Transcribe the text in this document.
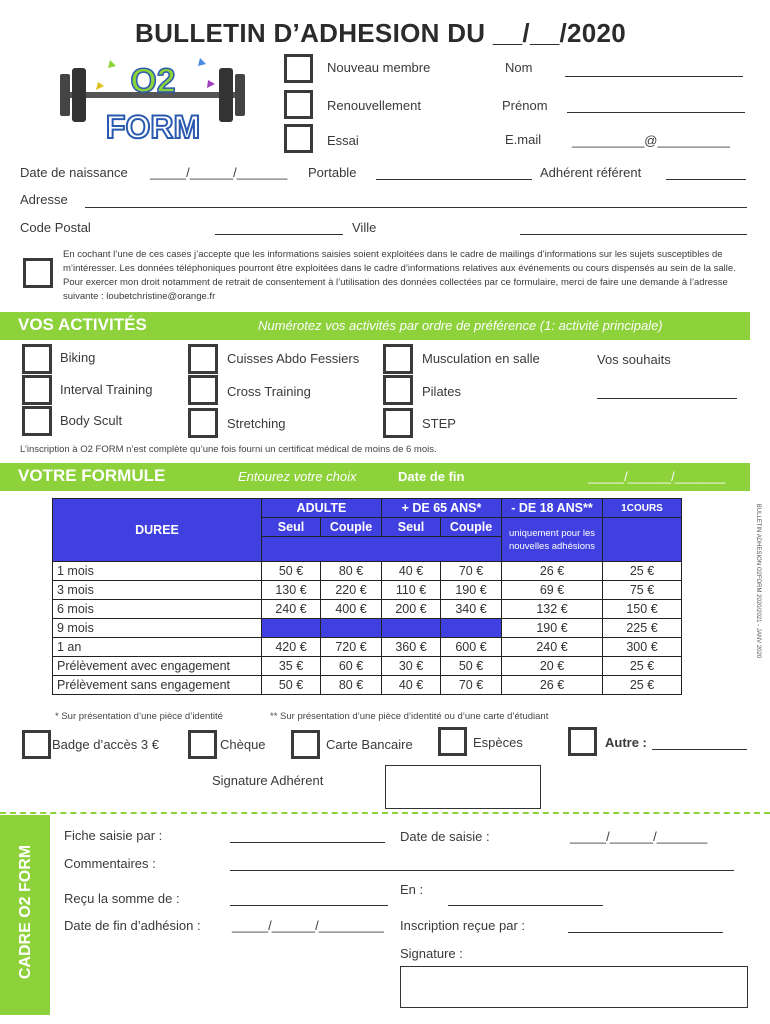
BULLETIN D’ADHESION DU __/__/2020
O2
FORM
Nouveau membre
Renouvellement
Essai
Nom
Prénom
E.mail __________@__________
Date de naissance _____/______/_______ Portable	Adhérent référent
Adresse
Code Postal	Ville
En cochant l’une de ces cases j’accepte que les informations saisies soient exploitées dans le cadre de mailings d’informations sur les sujets susceptibles de m’intéresser. Les données téléphoniques pourront être exploitées dans le cadre d’informations relatives aux événements ou cours dispensés au sein de la salle. Pour exercer mon droit notamment de retrait de consentement à l’utilisation des données collectées par ce formulaire, merci de faire une demande à l’adresse suivante : loubetchristine@orange.fr
VOS ACTIVITÉS	Numérotez vos activités par ordre de préférence (1: activité principale)
Biking
Interval Training
Body Scult
Cuisses Abdo Fessiers
Cross Training
Stretching
Musculation en salle
Pilates
STEP
Vos souhaits
L’inscription à O2 FORM n’est complète qu’une fois fourni un certificat médical de moins de 6 mois.
VOTRE FORMULE	Entourez votre choix	Date de fin	_____/______/_______
DUREE	ADULTE		+ DE 65 ANS*		- DE 18 ANS**	1COURS
	Seul	Couple	Seul	Couple	uniquement pour les nouvelles adhésions	

1 mois	50 €	80 €	40 €	70 €	26 €	25 €
3 mois	130 €	220 €	110 €	190 €	69 €	75 €
6 mois	240 €	400 €	200 €	340 €	132 €	150 €
9 mois					190 €	225 €
1 an	420 €	720 €	360 €	600 €	240 €	300 €
Prélèvement avec engagement	35 €	60 €	30 €	50 €	20 €	25 €
Prélèvement sans engagement	50 €	80 €	40 €	70 €	26 €	25 €
BULLETIN ADHESION O2FORM 2020/2021 - JANV 2020
* Sur présentation d’une pièce d’identité	** Sur présentation d’une pièce d’identité ou d’une carte d’étudiant
Badge d’accès 3 €	Chèque	Carte Bancaire	Espèces	Autre :
Signature Adhérent
CADRE O2 FORM
Fiche saisie par :	Date de saisie :	_____/______/_______
Commentaires :
Reçu la somme de :
En :
Date de fin d’adhésion : _____/______/_________ Inscription reçue par :
Signature :
